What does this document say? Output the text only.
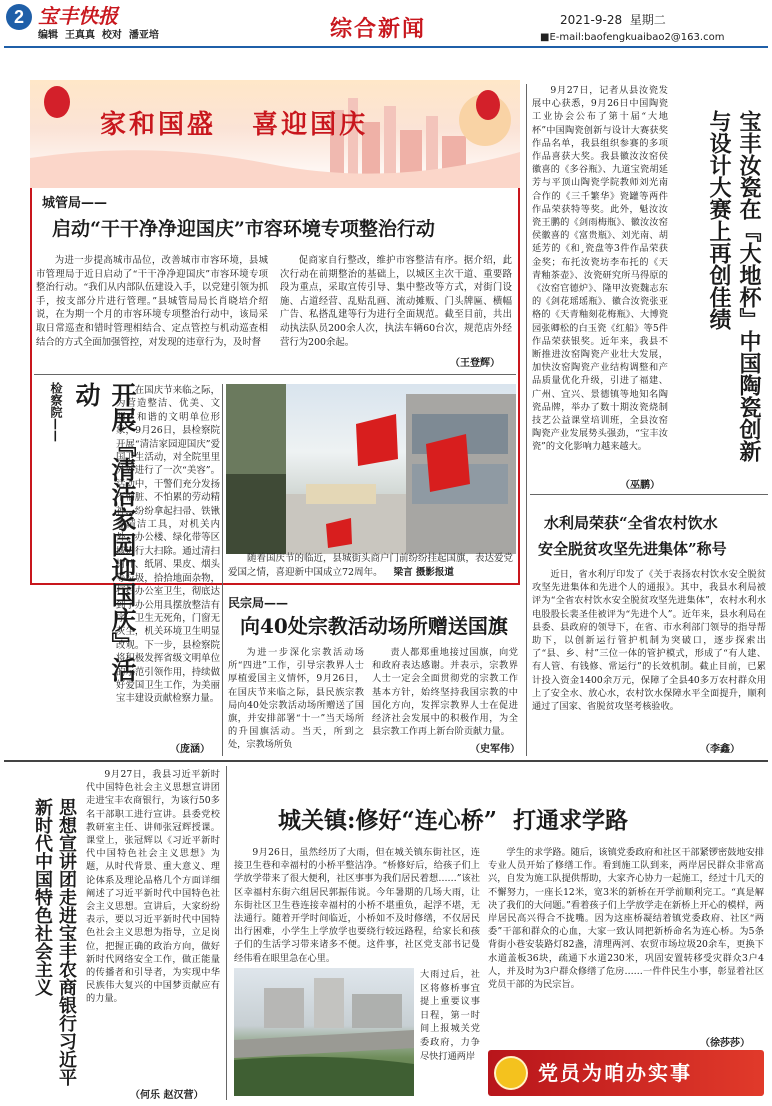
2 宝丰快报
编辑  王真真  校对  潘亚培	综合新闻	2021-9-28  星期二
■E-mail:baofengkuaibao2@163.com
家和国盛   喜迎国庆
城管局——
启动“干干净净迎国庆”市容环境专项整治行动
为进一步提高城市品位，改善城市市容环境，县城市管理局于近日启动了“干干净净迎国庆”市容环境专项整治行动。“我们从内部队伍建设入手，以党建引领为抓手，按支部分片进行管理。”县城管局局长肖晓培介绍说，在为期一个月的市容环境专项整治行动中，该局采取日常巡查和错时管理相结合、定点管控与机动巡查相结合的方式全面加强管控，对发现的违章行为，及时督
促商家自行整改，维护市容整洁有序。据介绍，此次行动在前期整治的基础上，以城区主次干道、重要路段为重点，采取宣传引导、集中整改等方式，对街门设施、占道经营、乱贴乱画、流动摊贩、门头牌匾、横幅广告、私搭乱建等行为进行全面规范。截至目前，共出动执法队员200余人次，执法车辆60台次，规范店外经营行为200余起。
（王登辉）
检察院——	开展『清洁家园迎国庆』活动	在国庆节来临之际，为营造整洁、优美、文明、和谐的文明单位形象，9月26日，县检察院开展“清洁家园迎国庆”爱国卫生活动，对全院里里外外进行了一次“美容”。活动中，干警们充分发扬不怕脏、不怕累的劳动精神，纷纷拿起扫帚、铁锹等清洁工具，对机关内外、办公楼、绿化带等区域进行大扫除。通过清扫树叶、纸屑、果皮、烟头等垃圾，拾拾地面杂物，打扫办公室卫生，彻底达到了办公用具摆放整洁有序，卫生无死角，门窗无灰尘，机关环境卫生明显改观。下一步，县检察院将积极发挥省级文明单位的示范引领作用，持续做好爱国卫生工作，为美丽宝丰建设贡献检察力量。
（庞涵）
随着国庆节的临近，县城街头商户门前纷纷挂起国旗，表达爱党爱国之情，喜迎新中国成立72周年。 梁言 摄影报道
民宗局——
向40处宗教活动场所赠送国旗
为进一步深化宗教活动场所“四进”工作，引导宗教界人士厚植爱国主义情怀，9月26日，在国庆节来临之际，县民族宗教局向40处宗教活动场所赠送了国旗，并安排部署“十一”当天场所的升国旗活动。当天，所到之处，宗教场所负
责人都郑重地接过国旗，向党和政府表达感谢。并表示，宗教界人士一定会全面贯彻党的宗教工作基本方针，始终坚持我国宗教的中国化方向，发挥宗教界人士在促进经济社会发展中的积极作用，为全县宗教工作再上新台阶贡献力量。
（史军伟）
9月27日，记者从县汝瓷发展中心获悉，9月26日中国陶瓷工业协会公布了第十届“大地杯”中国陶瓷创新与设计大赛获奖作品名单，我县组织参赛的多项作品喜获大奖。我县徽汝汝窑侯徽喜的《多谷瓶》、九道宝瓷胡延芳与平顶山陶瓷学院教师刘光南合作的《三千繁华》瓷罐等两件作品荣获特等奖。此外，魁汝汝瓷王鹏的《剑雨梅瓶》、徽汝汝窑侯徽喜的《富贵瓶》、刘光南、胡延芳的《和¸瓷盘等3件作品荣获金奖；布托汝瓷坊李布托的《天青釉茶壶》、汝瓷研究所马得原的《汝窑官德炉》、隆甲汝瓷魏志东的《剑花瑶瑶瓶》、徽合汝瓷张亚格的《天青釉刻花梅瓶》、大博瓷园张卿松的白玉瓷《红船》等5件作品荣获银奖。近年来，我县不断推进汝窑陶瓷产业壮大发展，加快汝窑陶瓷产业结构调整和产品质量优化升级，引进了福建、广州、宜兴、景德镇等地知名陶瓷品牌，举办了数十期汝瓷烧制技艺公益课堂培训班，全县汝窑陶瓷产业发展势头强劲，“宝丰汝瓷”的文化影响力越来越大。	宝丰汝瓷在『大地杯』中国陶瓷创新与设计大赛上再创佳绩
（巫鹏）
水利局荣获“全省农村饮水
安全脱贫攻坚先进集体”称号
近日，省水利厅印发了《关于表扬农村饮水安全脱贫攻坚先进集体和先进个人的通报》。其中，我县水利局被评为“全省农村饮水安全脱贫攻坚先进集体”，农村水利水电股股长裴圣佳被评为“先进个人”。近年来，县水利局在县委、县政府的领导下，在省、市水利部门领导的指导帮助下，以创新运行管护机制为突破口，逐步探索出了“县、乡、村”三位一体的管护模式，形成了“有人建、有人管、有钱修、常运行”的长效机制。截止目前，已累计投入资金1400余万元，保障了全县40多万农村群众用上了安全水、放心水，农村饮水保障水平全面提升，顺利通过了国家、省脱贫攻坚考核验收。
（李鑫）
思想宣讲团走进宝丰农商银行习近平新时代中国特色社会主义
9月27日，我县习近平新时代中国特色社会主义思想宣讲团走进宝丰农商银行，为该行50多名干部职工进行宣讲。县委党校教研室主任、讲师张冠辉授课。课堂上，张冠辉以《习近平新时代中国特色社会主义思想》为题，从时代背景、重大意义、理论体系及理论品格几个方面详细阐述了习近平新时代中国特色社会主义思想。宣讲后，大家纷纷表示，要以习近平新时代中国特色社会主义思想为指导，立足岗位，把握正确的政治方向，做好新时代网络安全工作，做正能量的传播者和引导者，为实现中华民族伟大复兴的中国梦贡献应有的力量。
（何乐 赵汉营）
城关镇:修好“连心桥”  打通求学路
9月26日，虽然经历了大雨，但在城关镇东街社区，连接卫生巷和幸福村的小桥平整洁净。“桥修好后，给孩子们上学放学带来了很大便利，社区事事为我们居民着想……”该社区幸福村东街六组居民郭振伟说。今年暑期的几场大雨，让东街社区卫生巷连接幸福村的小桥不堪重负，起浮不堪，无法通行。随着开学时间临近，小桥如不及时修缮，不仅居民出行困难，小学生上学放学也要绕行较远路程，给家长和孩子们的生活学习带来诸多不便。这件事，社区党支部书记曼经伟看在眼里急在心里。
大雨过后，社区将修桥事宜提上重要议事日程，第一时间上报城关党委政府，力争尽快打通两岸
学生的求学路。随后，该镇党委政府和社区干部紧锣密鼓地安排专业人员开始了修缮工作。看到施工队到来，两岸居民群众非常高兴，自发为施工队提供帮助，大家齐心协力一起施工，经过十几天的不懈努力，一座长12米，宽3米的新桥在开学前顺利完工。“真是解决了我们的大问题。”看着孩子们上学放学走在新桥上开心的模样，两岸居民高兴得合不拢嘴。因为这座桥凝结着镇党委政府、社区“两委”干部和群众的心血，大家一致认同把新桥命名为连心桥。为5条背街小巷安装路灯82盏，清理两河、农贸市场垃圾20余车，更换下水道盖板36块，疏通下水道230米，巩固安置转移受灾群众3户4人，并及时为3户群众修缮了危房……一件件民生小事，彰显着社区党员干部的为民宗旨。
（徐莎莎）
党员为咱办实事
